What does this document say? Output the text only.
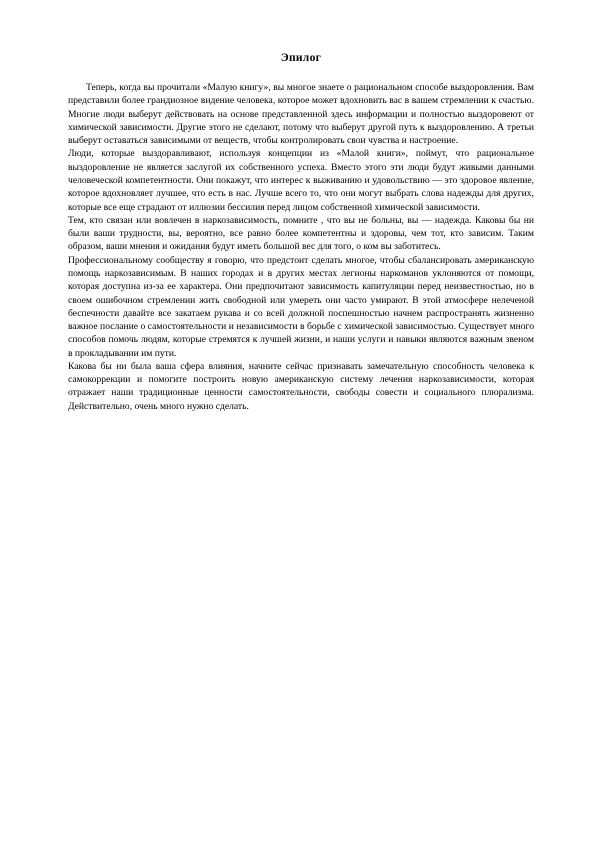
Эпилог

Теперь, когда вы прочитали «Малую книгу», вы многое знаете о рациональном способе выздоровления. Вам представили более грандиозное видение человека, которое может вдохновить вас в вашем стремлении к счастью. Многие люди выберут действовать на основе представленной здесь информации и полностью выздоровеют от химической зависимости. Другие этого не сделают, потому что выберут другой путь к выздоровлению. А третьи выберут оставаться зависимыми от веществ, чтобы контролировать свои чувства и настроение.

Люди, которые выздоравливают, используя концепции из «Малой книги», поймут, что рациональное выздоровление не является заслугой их собственного успеха. Вместо этого эти люди будут живыми данными человеческой компетентности. Они покажут, что интерес к выживанию и удовольствию — это здоровое явление, которое вдохновляет лучшее, что есть в нас. Лучше всего то, что они могут выбрать слова надежды для других, которые все еще страдают от иллюзии бессилия перед лицом собственной химической зависимости.

Тем, кто связан или вовлечен в наркозависимость, помните , что вы не больны, вы — надежда. Каковы бы ни были ваши трудности, вы, вероятно, все равно более компетентны и здоровы, чем тот, кто зависим. Таким образом, ваши мнения и ожидания будут иметь большой вес для того, о ком вы заботитесь.

Профессиональному сообществу я говорю, что предстоит сделать многое, чтобы сбалансировать американскую помощь наркозависимым. В наших городах и в других местах легионы наркоманов уклоняются от помощи, которая доступна из-за ее характера. Они предпочитают зависимость капитуляции перед неизвестностью, но в своем ошибочном стремлении жить свободной или умереть они часто умирают. В этой атмосфере нелеченой беспечности давайте все закатаем рукава и со всей должной поспешностью начнем распространять жизненно важное послание о самостоятельности и независимости в борьбе с химической зависимостью. Существует много способов помочь людям, которые стремятся к лучшей жизни, и наши услуги и навыки являются важным звеном в прокладывании им пути.

Какова бы ни была ваша сфера влияния, начните сейчас признавать замечательную способность человека к самокоррекции и помогите построить новую американскую систему лечения наркозависимости, которая отражает наши традиционные ценности самостоятельности, свободы совести и социального плюрализма. Действительно, очень много нужно сделать.
